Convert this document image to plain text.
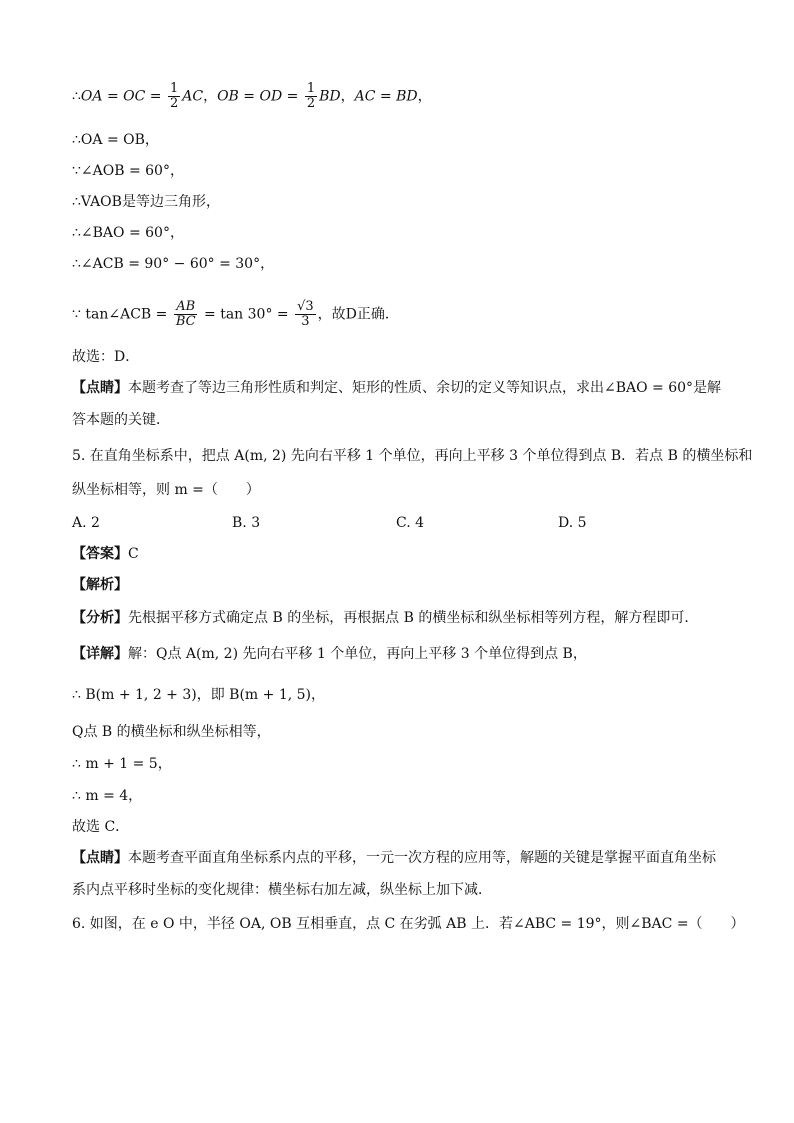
∴OA = OC = $\frac{1}{2}$ AC，OB = OD = $\frac{1}{2}$ BD，AC = BD，
∴OA = OB，
∵∠AOB = 60°，
∴VAOB是等边三角形，
∴∠BAO = 60°，
∴∠ACB = 90° − 60° = 30°，
∵ tan∠ACB = $\frac{AB}{BC} = \tan 30^\circ = \frac{√3}{3}$ ，故D正确．
故选：D．
【点睛】本题考查了等边三角形性质和判定、矩形的性质、余切的定义等知识点，求出∠BAO = 60°是解
答本题的关键．
5. 在直角坐标系中，把点 A(m, 2) 先向右平移 1 个单位，再向上平移 3 个单位得到点 B．若点 B 的横坐标和
纵坐标相等，则 m =（　　）
A. 2	B. 3	C. 4	D. 5
【答案】C
【解析】
【分析】先根据平移方式确定点 B 的坐标，再根据点 B 的横坐标和纵坐标相等列方程，解方程即可．
【详解】解：Q点 A(m, 2) 先向右平移 1 个单位，再向上平移 3 个单位得到点 B，
∴ B(m + 1, 2 + 3)，即 B(m + 1, 5)，
Q点 B 的横坐标和纵坐标相等，
∴ m + 1 = 5，
∴ m = 4，
故选 C．
【点睛】本题考查平面直角坐标系内点的平移，一元一次方程的应用等，解题的关键是掌握平面直角坐标
系内点平移时坐标的变化规律：横坐标右加左减，纵坐标上加下减．
6. 如图，在 e O 中，半径 OA, OB 互相垂直，点 C 在劣弧 AB 上．若∠ABC = 19°，则∠BAC =（　　）
